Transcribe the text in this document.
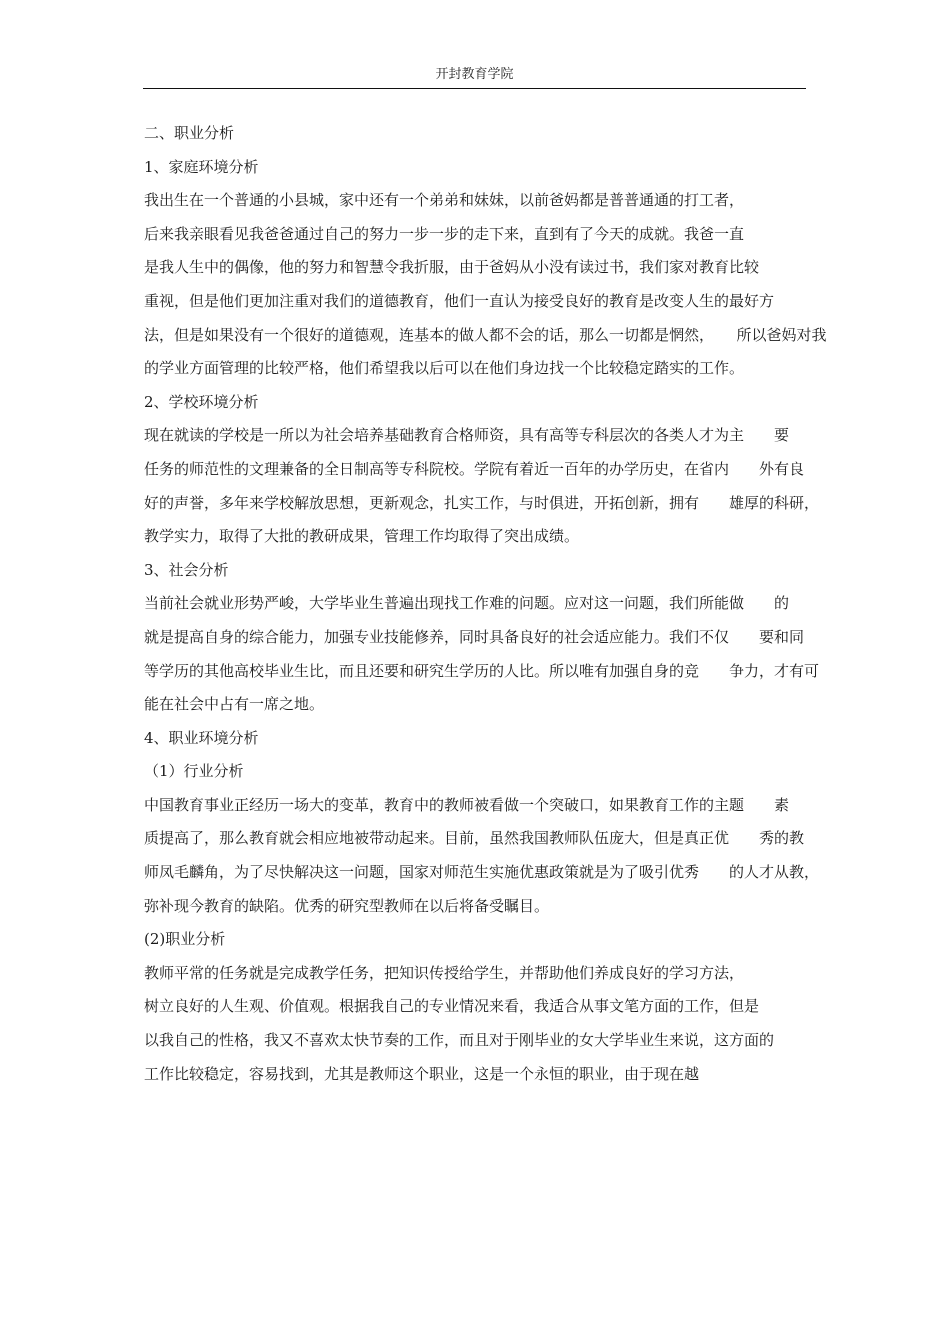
开封教育学院
二、职业分析
1、家庭环境分析
我出生在一个普通的小县城，家中还有一个弟弟和妹妹，以前爸妈都是普普通通的打工者，
后来我亲眼看见我爸爸通过自己的努力一步一步的走下来，直到有了今天的成就。我爸一直
是我人生中的偶像，他的努力和智慧令我折服，由于爸妈从小没有读过书，我们家对教育比较
重视，但是他们更加注重对我们的道德教育，他们一直认为接受良好的教育是改变人生的最好方
法，但是如果没有一个很好的道德观，连基本的做人都不会的话，那么一切都是惘然，　　所以爸妈对我
的学业方面管理的比较严格，他们希望我以后可以在他们身边找一个比较稳定踏实的工作。
2、学校环境分析
现在就读的学校是一所以为社会培养基础教育合格师资，具有高等专科层次的各类人才为主　　要
任务的师范性的文理兼备的全日制高等专科院校。学院有着近一百年的办学历史，在省内　　外有良
好的声誉，多年来学校解放思想，更新观念，扎实工作，与时俱进，开拓创新，拥有　　雄厚的科研，
教学实力，取得了大批的教研成果，管理工作均取得了突出成绩。
3、社会分析
当前社会就业形势严峻，大学毕业生普遍出现找工作难的问题。应对这一问题，我们所能做　　的
就是提高自身的综合能力，加强专业技能修养，同时具备良好的社会适应能力。我们不仅　　要和同
等学历的其他高校毕业生比，而且还要和研究生学历的人比。所以唯有加强自身的竞　　争力，才有可
能在社会中占有一席之地。
4、职业环境分析
（1）行业分析
中国教育事业正经历一场大的变革，教育中的教师被看做一个突破口，如果教育工作的主题　　素
质提高了，那么教育就会相应地被带动起来。目前，虽然我国教师队伍庞大，但是真正优　　秀的教
师凤毛麟角，为了尽快解决这一问题，国家对师范生实施优惠政策就是为了吸引优秀　　的人才从教，
弥补现今教育的缺陷。优秀的研究型教师在以后将备受瞩目。
(2)职业分析
教师平常的任务就是完成教学任务，把知识传授给学生，并帮助他们养成良好的学习方法，
树立良好的人生观、价值观。根据我自己的专业情况来看，我适合从事文笔方面的工作，但是
以我自己的性格，我又不喜欢太快节奏的工作，而且对于刚毕业的女大学毕业生来说，这方面的
工作比较稳定，容易找到，尤其是教师这个职业，这是一个永恒的职业，由于现在越
